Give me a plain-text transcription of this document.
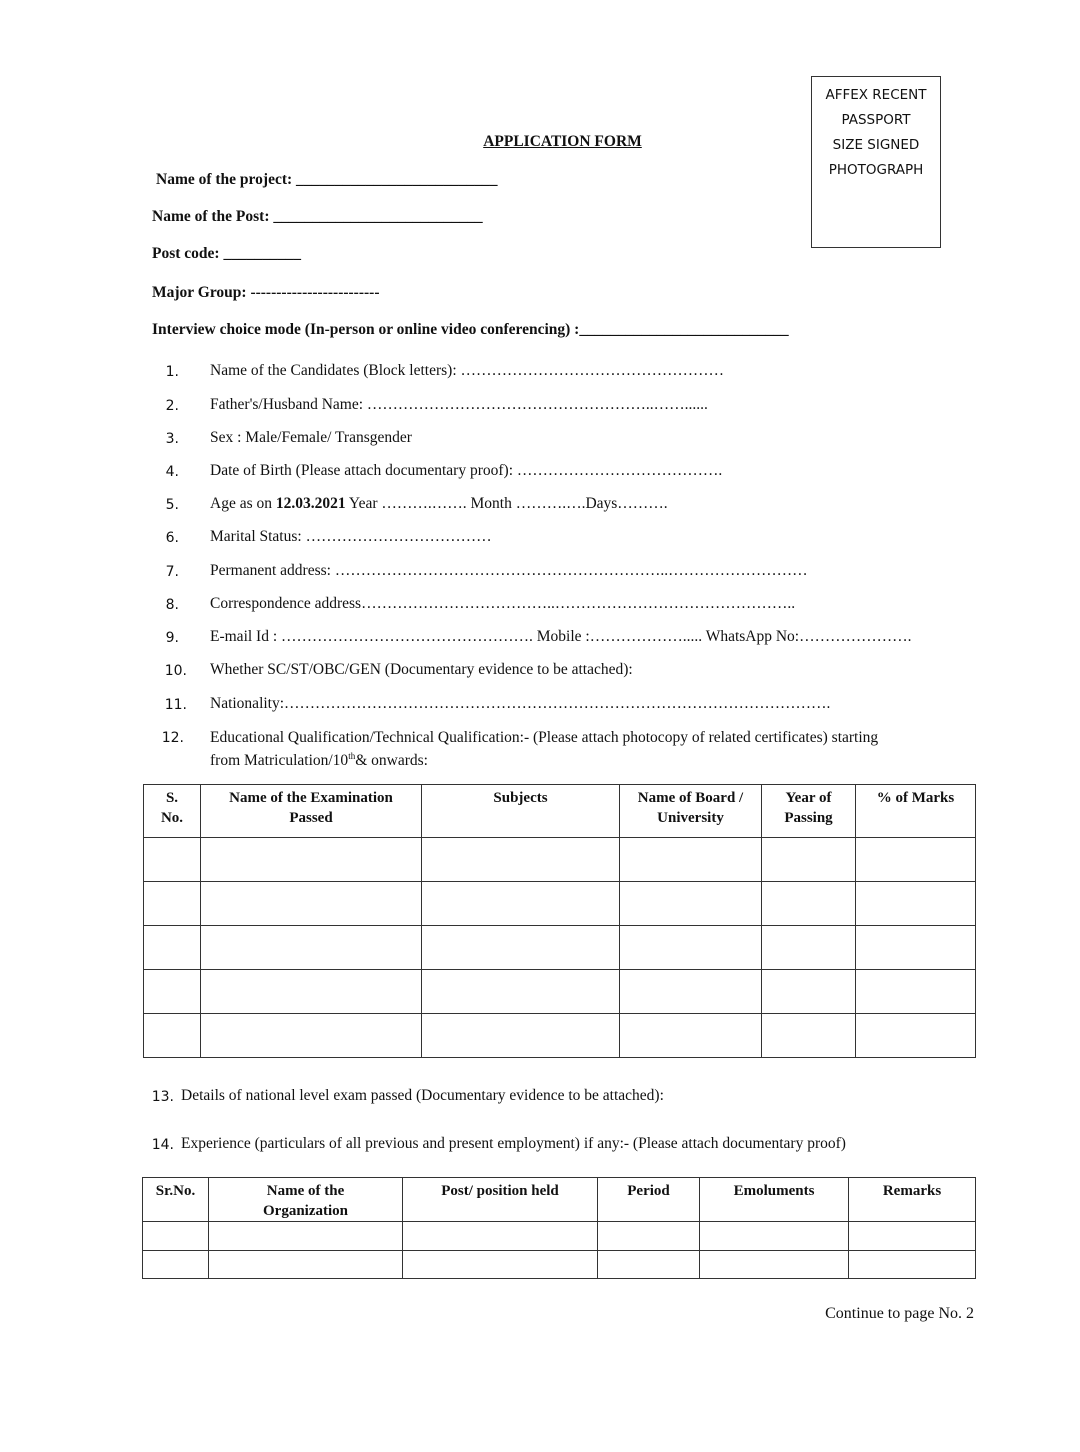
AFFEX RECENT
PASSPORT
SIZE SIGNED
PHOTOGRAPH
APPLICATION FORM
Name of the project: __________________________
Name of the Post: ___________________________
Post code: __________
Major Group: -------------------------
Interview choice mode (In-person or online video conferencing) :___________________________
1. Name of the Candidates (Block letters): ……………………………………………
2. Father's/Husband Name: ………………………………………………..……......
3. Sex : Male/Female/ Transgender
4. Date of Birth (Please attach documentary proof): ………………………………….
5. Age as on 12.03.2021 Year ……….……. Month ……….….Days……….
6. Marital Status: ………………………………
7. Permanent address: ………………………………………………………..………………………
8. Correspondence address………………………………..………………………………………..
9. E-mail Id : …………………………………………. Mobile :………………..... WhatsApp No:………………….
10. Whether SC/ST/OBC/GEN (Documentary evidence to be attached):
11. Nationality:…………………………………………………………………………………………….
12. Educational Qualification/Technical Qualification:- (Please attach photocopy of related certificates) starting
from Matriculation/10th& onwards:
S. No.	Name of the Examination Passed	Subjects	Name of Board / University	Year of Passing	% of Marks

13. Details of national level exam passed (Documentary evidence to be attached):
14. Experience (particulars of all previous and present employment) if any:- (Please attach documentary proof)
Sr.No.	Name of the Organization	Post/ position held	Period	Emoluments	Remarks

Continue to page No. 2
